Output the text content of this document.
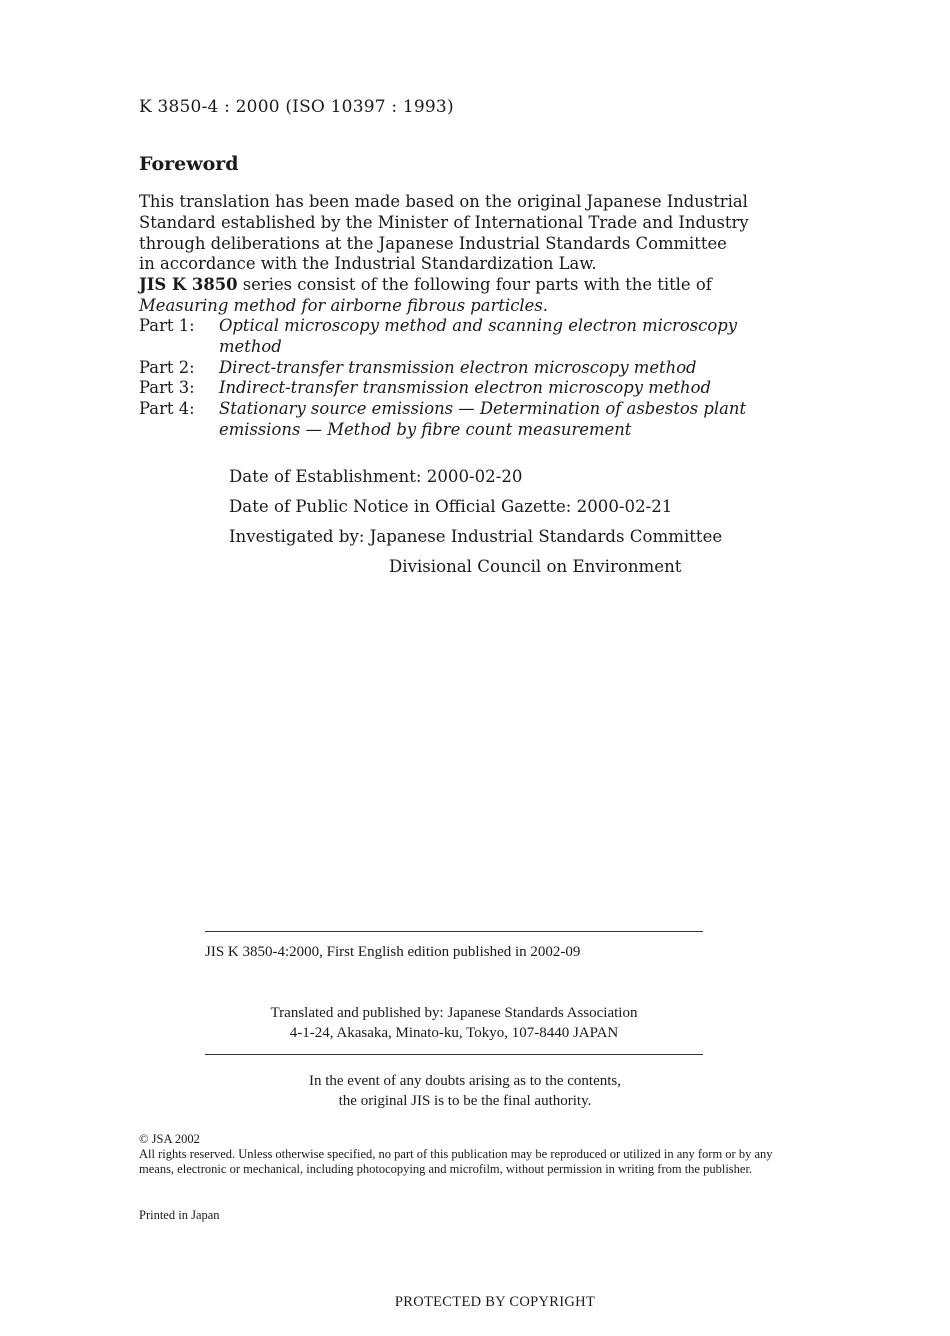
K 3850-4 : 2000 (ISO 10397 : 1993)
Foreword

This translation has been made based on the original Japanese Industrial

Standard established by the Minister of International Trade and Industry

through deliberations at the Japanese Industrial Standards Committee

in accordance with the Industrial Standardization Law.

JIS K 3850 series consist of the following four parts with the title of

Measuring method for airborne fibrous particles.

Part 1:	Optical microscopy method and scanning electron microscopy method
Part 2:	Direct-transfer transmission electron microscopy method
Part 3:	Indirect-transfer transmission electron microscopy method
Part 4:	Stationary source emissions — Determination of asbestos plant emissions — Method by fibre count measurement
Date of Establishment: 2000-02-20
Date of Public Notice in Official Gazette: 2000-02-21
Investigated by: Japanese Industrial Standards Committee
Divisional Council on Environment
JIS K 3850-4:2000, First English edition published in 2002-09
Translated and published by: Japanese Standards Association
4-1-24, Akasaka, Minato-ku, Tokyo, 107-8440 JAPAN
In the event of any doubts arising as to the contents,
the original JIS is to be the final authority.
© JSA 2002
All rights reserved. Unless otherwise specified, no part of this publication may be reproduced or utilized in any form or by any means, electronic or mechanical, including photocopying and microfilm, without permission in writing from the publisher.
Printed in Japan
PROTECTED BY COPYRIGHT
